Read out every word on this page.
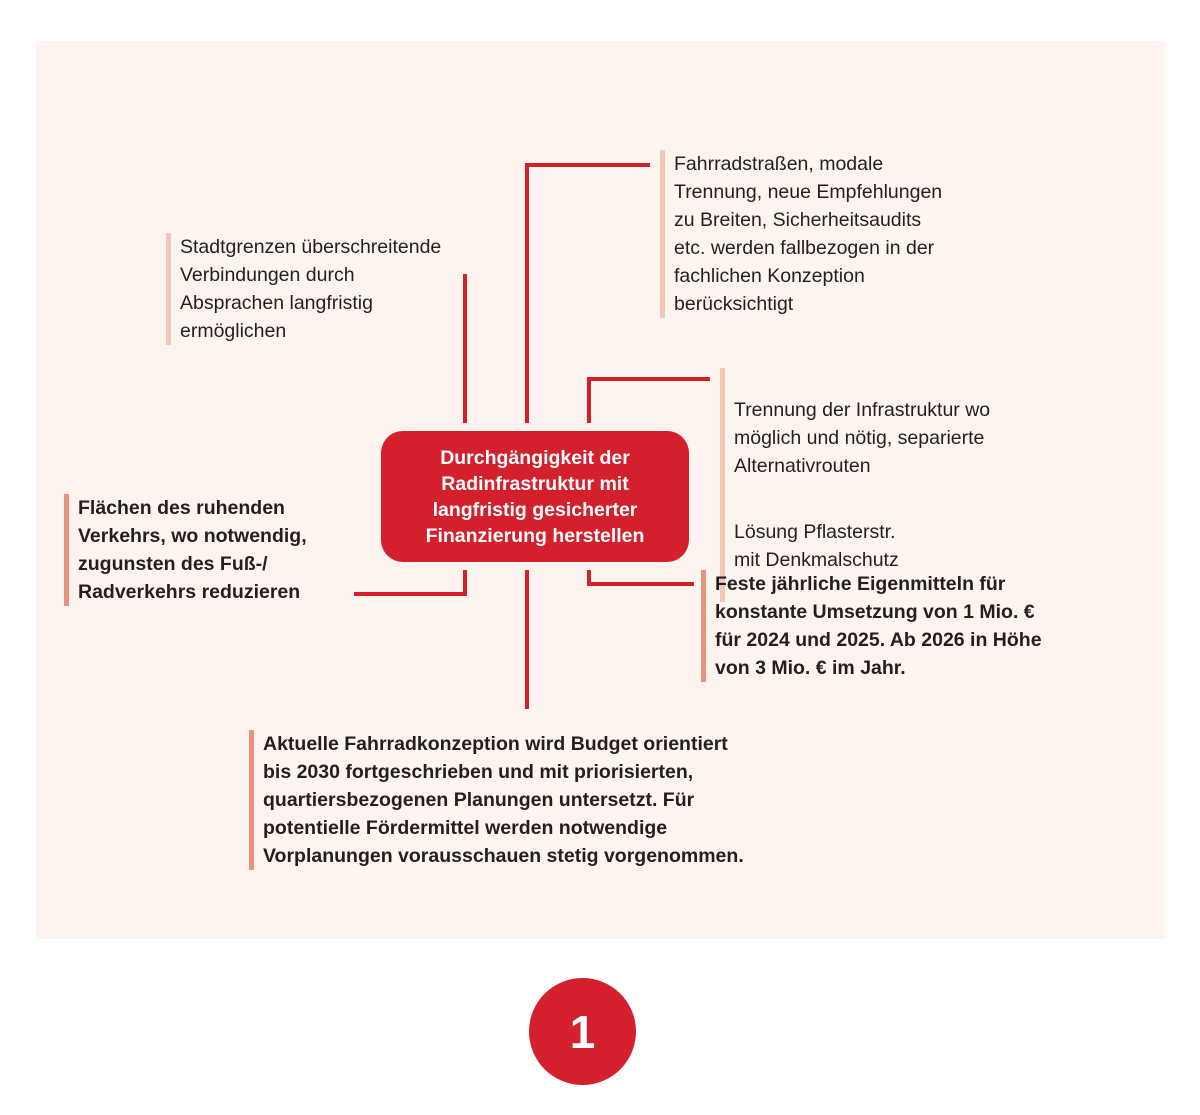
Durchgängigkeit der
Radinfrastruktur mit
langfristig gesicherter
Finanzierung herstellen
Stadtgrenzen überschreitende
Verbindungen durch
Absprachen langfristig
ermöglichen
Fahrradstraßen, modale
Trennung, neue Empfehlungen
zu Breiten, Sicherheitsaudits
etc. werden fallbezogen in der
fachlichen Konzeption
berücksichtigt

Trennung der Infrastruktur wo
möglich und nötig, separierte
Alternativrouten

Lösung Pflasterstr.
mit Denkmalschutz

Flächen des ruhenden
Verkehrs, wo notwendig,
zugunsten des Fuß-/
Radverkehrs reduzieren	Feste jährliche Eigenmitteln für
konstante Umsetzung von 1 Mio. €
für 2024 und 2025. Ab 2026 in Höhe
von 3 Mio. € im Jahr.
Aktuelle Fahrradkonzeption wird Budget orientiert
bis 2030 fortgeschrieben und mit priorisierten,
quartiersbezogenen Planungen untersetzt. Für
potentielle Fördermittel werden notwendige
Vorplanungen vorausschauen stetig vorgenommen.
1
